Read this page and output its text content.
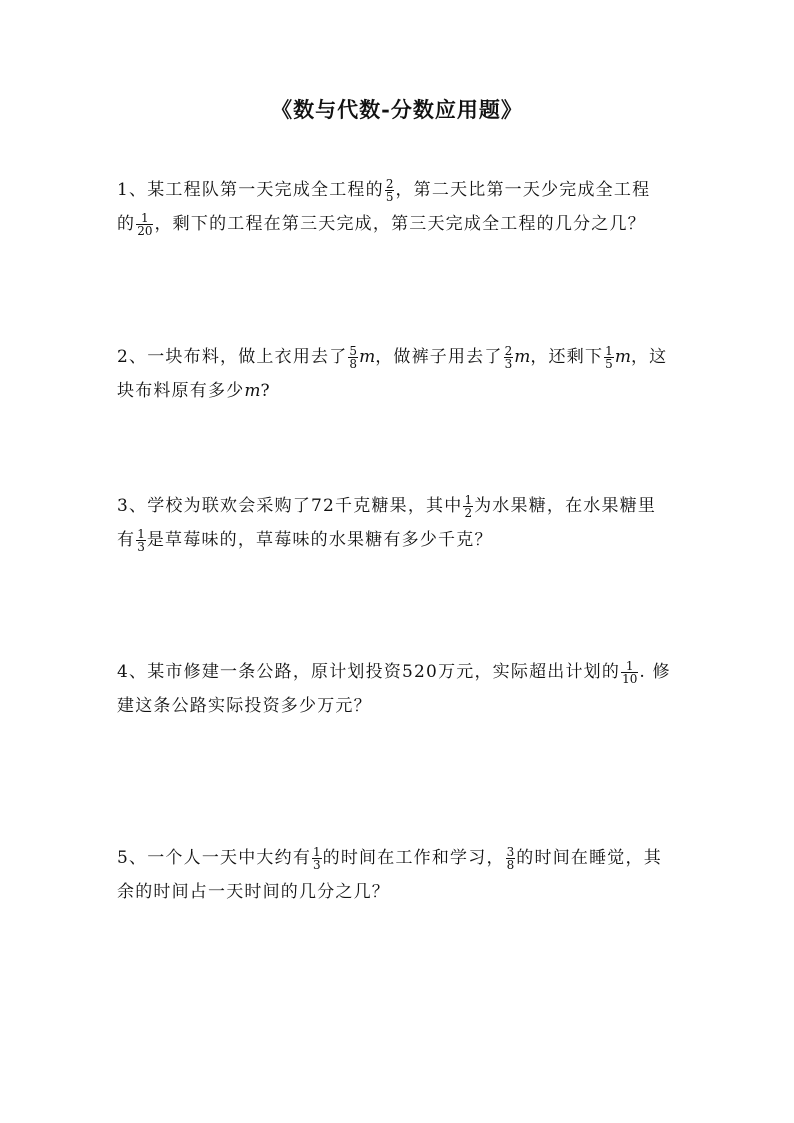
《数与代数-分数应用题》
1、某工程队第一天完成全工程的 $\frac{2}{5}$ ，第二天比第一天少完成全工程
的 $\frac{1}{20}$ ，剩下的工程在第三天完成，第三天完成全工程的几分之几？
2、一块布料，做上衣用去了 $\frac{5}{8}$ m，做裤子用去了 $\frac{2}{3}$ m，还剩下 $\frac{1}{5}$ m，这
块布料原有多少m?
3、学校为联欢会采购了72千克糖果，其中 $\frac{1}{2}$ 为水果糖，在水果糖里
有 $\frac{1}{3}$ 是草莓味的，草莓味的水果糖有多少千克？
4、某市修建一条公路，原计划投资520万元，实际超出计划的 $\frac{1}{10}$ . 修
建这条公路实际投资多少万元？
5、一个人一天中大约有 $\frac{1}{3}$ 的时间在工作和学习， $\frac{3}{8}$ 的时间在睡觉，其
余的时间占一天时间的几分之几？
